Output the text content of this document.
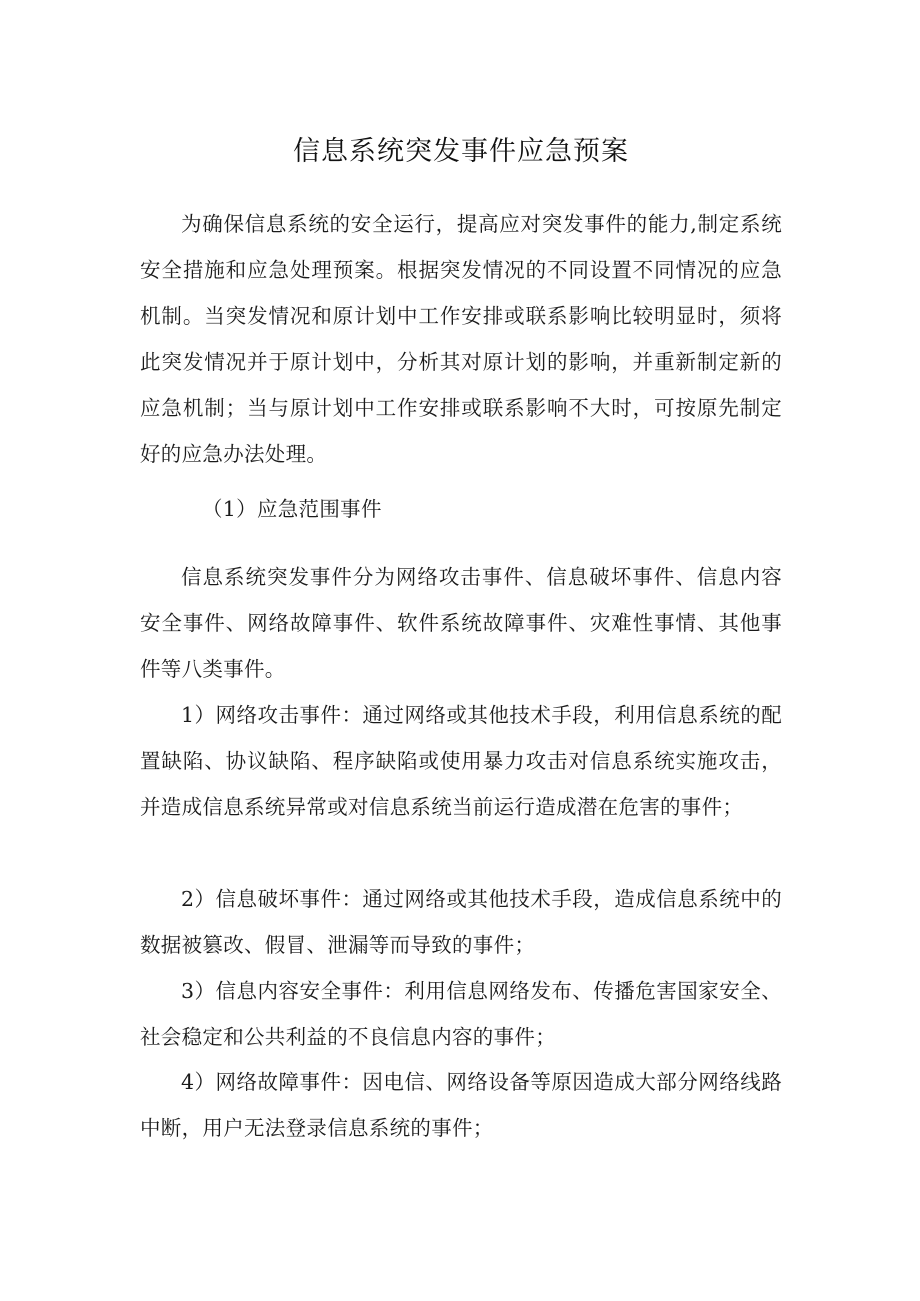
信息系统突发事件应急预案

为确保信息系统的安全运行，提高应对突发事件的能力,制定系统安全措施和应急处理预案。根据突发情况的不同设置不同情况的应急机制。当突发情况和原计划中工作安排或联系影响比较明显时，须将此突发情况并于原计划中，分析其对原计划的影响，并重新制定新的应急机制；当与原计划中工作安排或联系影响不大时，可按原先制定好的应急办法处理。

（1）应急范围事件

信息系统突发事件分为网络攻击事件、信息破坏事件、信息内容安全事件、网络故障事件、软件系统故障事件、灾难性事情、其他事件等八类事件。

1）网络攻击事件：通过网络或其他技术手段，利用信息系统的配置缺陷、协议缺陷、程序缺陷或使用暴力攻击对信息系统实施攻击，并造成信息系统异常或对信息系统当前运行造成潜在危害的事件；

2）信息破坏事件：通过网络或其他技术手段，造成信息系统中的数据被篡改、假冒、泄漏等而导致的事件；

3）信息内容安全事件：利用信息网络发布、传播危害国家安全、社会稳定和公共利益的不良信息内容的事件；

4）网络故障事件：因电信、网络设备等原因造成大部分网络线路中断，用户无法登录信息系统的事件；
